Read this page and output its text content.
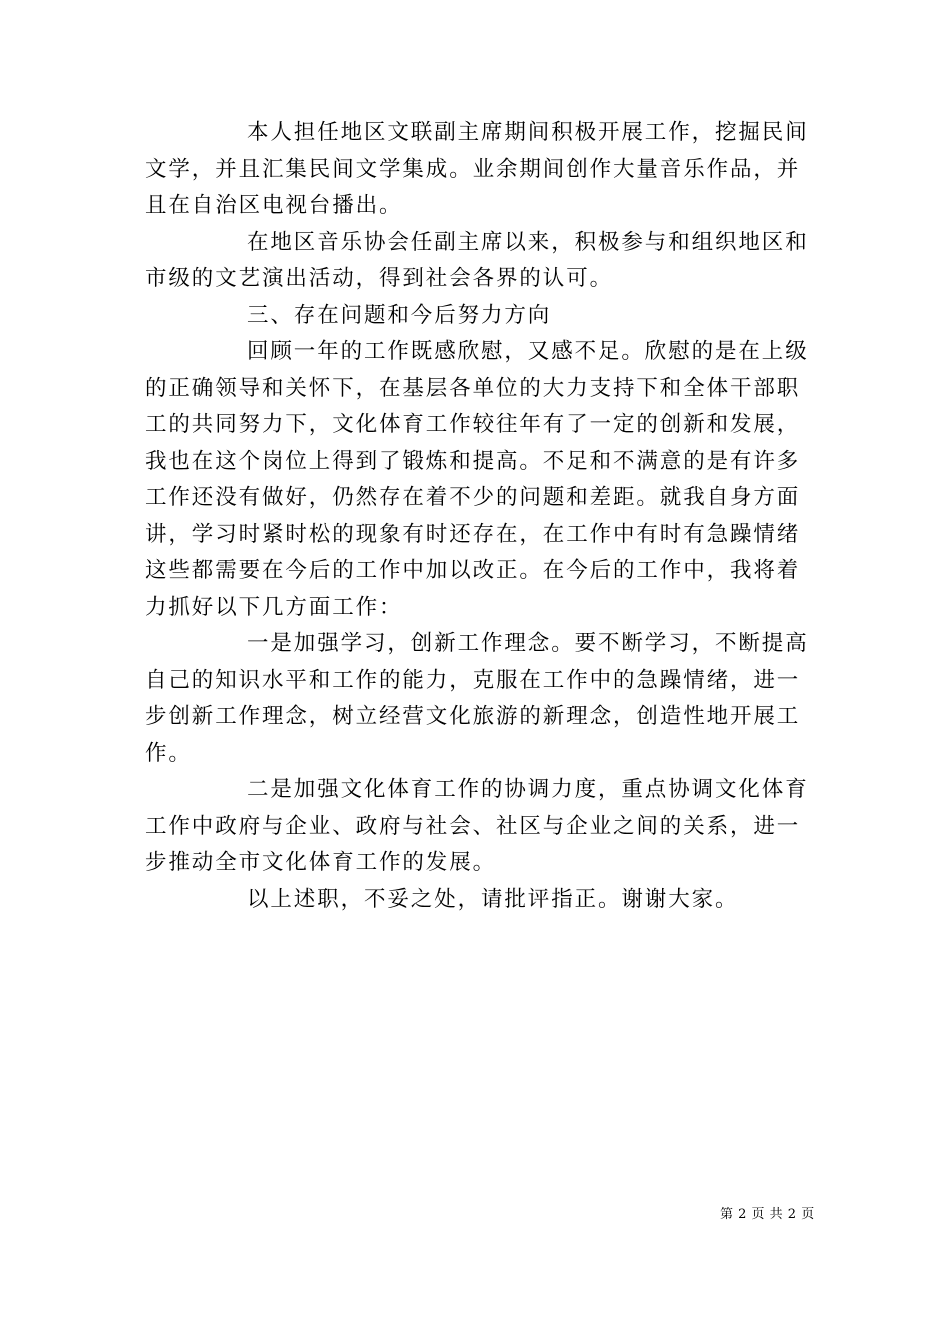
本人担任地区文联副主席期间积极开展工作，挖掘民间文学，并且汇集民间文学集成。业余期间创作大量音乐作品，并且在自治区电视台播出。

在地区音乐协会任副主席以来，积极参与和组织地区和市级的文艺演出活动，得到社会各界的认可。

三、存在问题和今后努力方向

回顾一年的工作既感欣慰，又感不足。欣慰的是在上级的正确领导和关怀下，在基层各单位的大力支持下和全体干部职工的共同努力下，文化体育工作较往年有了一定的创新和发展，我也在这个岗位上得到了锻炼和提高。不足和不满意的是有许多工作还没有做好，仍然存在着不少的问题和差距。就我自身方面讲，学习时紧时松的现象有时还存在，在工作中有时有急躁情绪这些都需要在今后的工作中加以改正。在今后的工作中，我将着力抓好以下几方面工作：

一是加强学习，创新工作理念。要不断学习，不断提高自己的知识水平和工作的能力，克服在工作中的急躁情绪，进一步创新工作理念，树立经营文化旅游的新理念，创造性地开展工作。

二是加强文化体育工作的协调力度，重点协调文化体育工作中政府与企业、政府与社会、社区与企业之间的关系，进一步推动全市文化体育工作的发展。

以上述职，不妥之处，请批评指正。谢谢大家。

第 2 页 共 2 页
